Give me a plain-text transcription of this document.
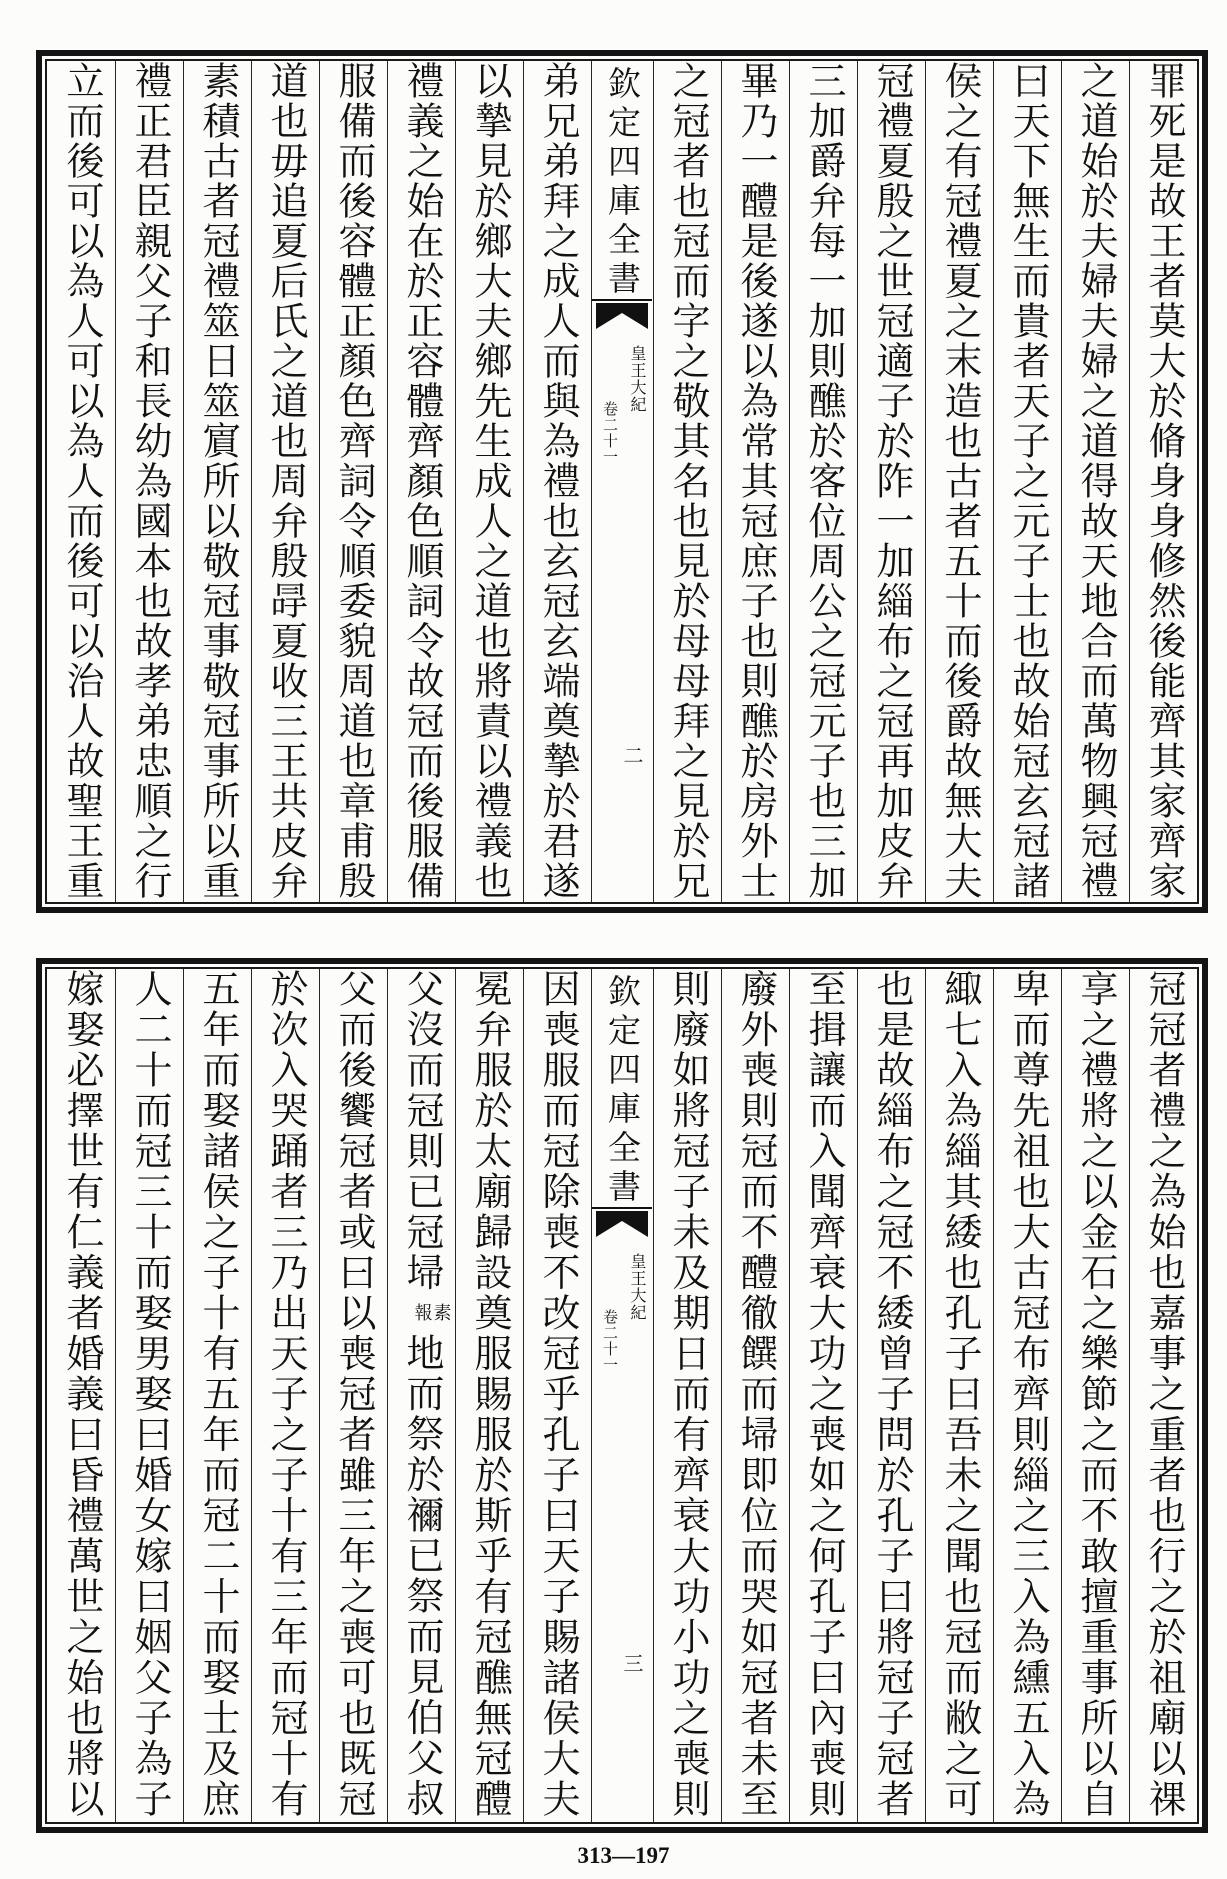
罪死是故王者莫大於脩身身修然後能齊其家齊家
之道始於夫婦夫婦之道得故天地合而萬物興冠禮
曰天下無生而貴者天子之元子士也故始冠玄冠諸
侯之有冠禮夏之末造也古者五十而後爵故無大夫
冠禮夏殷之世冠適子於阼一加緇布之冠再加皮弁
三加爵弁每一加則醮於客位周公之冠元子也三加
畢乃一醴是後遂以為常其冠庶子也則醮於房外士
之冠者也冠而字之敬其名也見於母母拜之見於兄
欽定四庫全書
皇王大紀
卷二十一
二
弟兄弟拜之成人而與為禮也玄冠玄端奠摯於君遂
以摯見於鄉大夫鄉先生成人之道也將責以禮義也
禮義之始在於正容體齊顏色順詞令故冠而後服備
服備而後容體正顏色齊詞令順委貌周道也章甫殷
道也毋追夏后氏之道也周弁殷冔夏收三王共皮弁
素積古者冠禮筮日筮賔所以敬冠事敬冠事所以重
禮正君臣親父子和長幼為國本也故孝弟忠順之行
立而後可以為人可以為人而後可以治人故聖王重
冠冠者禮之為始也嘉事之重者也行之於祖廟以祼
享之禮將之以金石之樂節之而不敢擅重事所以自
卑而尊先祖也大古冠布齊則緇之三入為纁五入為
緅七入為緇其緌也孔子曰吾未之聞也冠而敝之可
也是故緇布之冠不緌曾子問於孔子曰將冠子冠者
至揖讓而入聞齊衰大功之喪如之何孔子曰內喪則
廢外喪則冠而不醴徹饌而埽即位而哭如冠者未至
則廢如將冠子未及期日而有齊衰大功小功之喪則
欽定四庫全書
皇王大紀
卷二十一
三
因喪服而冠除喪不改冠乎孔子曰天子賜諸侯大夫
冕弁服於太廟歸設奠服賜服於斯乎有冠醮無冠醴
父沒而冠則已冠埽素報地而祭於禰已祭而見伯父叔
父而後饗冠者或曰以喪冠者雖三年之喪可也既冠
於次入哭踊者三乃出天子之子十有三年而冠十有
五年而娶諸侯之子十有五年而冠二十而娶士及庶
人二十而冠三十而娶男娶曰婚女嫁曰姻父子為子
嫁娶必擇世有仁義者婚義曰昏禮萬世之始也將以
313—197
